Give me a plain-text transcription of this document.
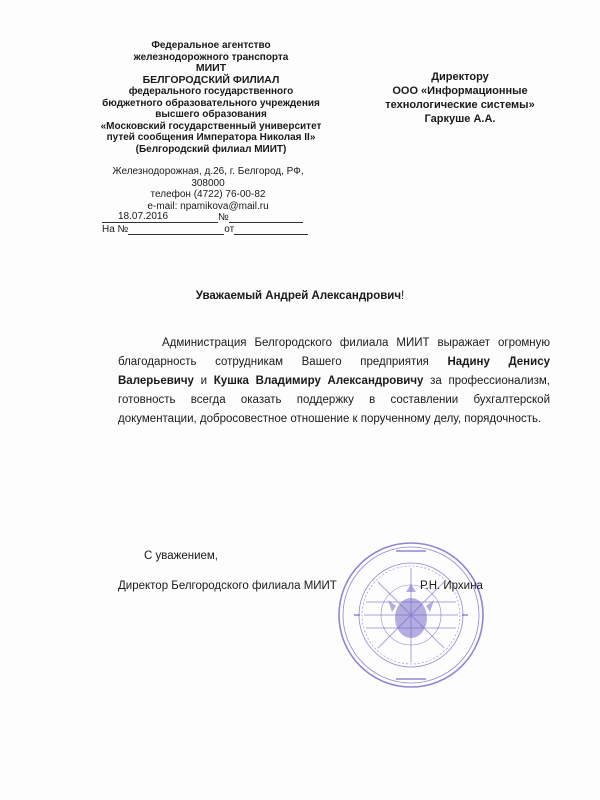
Федеральное агентство
железнодорожного транспорта
МИИТ
БЕЛГОРОДСКИЙ ФИЛИАЛ
федерального государственного
бюджетного образовательного учреждения
высшего образования
«Московский государственный университет
путей сообщения Императора Николая II»
(Белгородский филиал МИИТ)
Железнодорожная, д.26, г. Белгород, РФ,
308000
телефон (4722) 76-00-82
e-mail: npamikova@mail.ru
18.07.2016	№
На №	от
Директору
ООО «Информационные
технологические системы»
Гаркуше А.А.
Уважаемый Андрей Александрович!

Администрация Белгородского филиала МИИТ выражает огромную благодарность сотрудникам Вашего предприятия Надину Денису Валерьевичу и Кушка Владимиру Александровичу за профессионализм, готовность всегда оказать поддержку в составлении бухгалтерской документации, добросовестное отношение к порученному делу, порядочность.

С уважением,
Директор Белгородского филиала МИИТ	Р.Н. Ирхина
